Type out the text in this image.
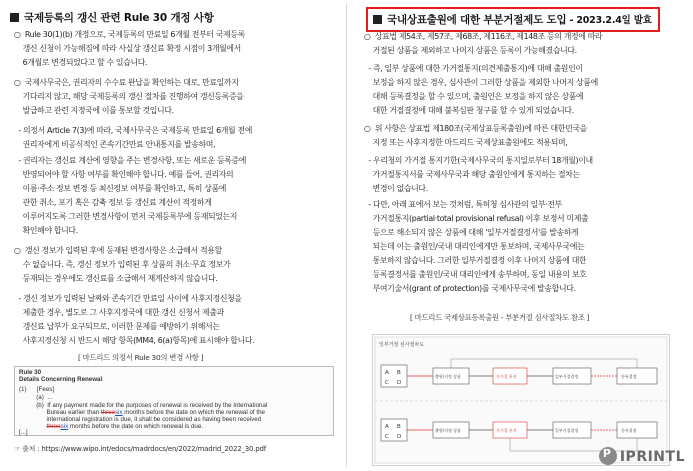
국제등록의 갱신 관련 Rule 30 개정 사항
○  Rule 30(1)(b) 개정으로, 국제등록의 만료일 6개월 전부터 국제등록
갱신 신청이 가능해짐에 따라 사실상 갱신료 확정 시점이 3개월에서
6개월로 변경되었다고 할 수 있습니다.
○  국제사무국은, 권리자의 수수료 완납을 확인하는 대로, 만료일까지
기다리지 않고, 해당 국제등록의 갱신 절차를 진행하여 갱신등록증을
발급하고 관련 지정국에 이를 통보할 것입니다.
- 의정서 Article 7(3)에 따라, 국제사무국은 국제등록 만료일 6개월 전에
권리자에게 비공식적인 존속기간만료 안내통지를 발송하며,
- 권리자는 갱신료 계산에 영향을 주는 변경사항, 또는 새로운 등록증에
반영되어야 할 사항 여부를 확인해야 합니다. 예를 들어, 권리자의
이름·주소 정보 변경 등 최신정보 여부를 확인하고, 특히 상품에
관한 취소, 포기 혹은 감축 정보 등 갱신료 계산이 적정하게
이루어지도록 그러한 변경사항이 먼저 국제등록부에 등재되었는지
확인해야 합니다.
○  갱신 정보가 입력된 후에 등재된 변경사항은 소급해서 적용할
수 없습니다. 즉, 갱신 정보가 입력된 후 상품의 취소·무효 정보가
등재되는 경우에도 갱신료를 소급해서 재계산하지 않습니다.
- 갱신 정보가 입력된 날짜와 존속기간 만료일 사이에 사후지정신청을
제출한 경우, 별도로 그 사후지정국에 대한 갱신 신청서 제출과
갱신료 납부가 요구되므로, 이러한 문제를 예방하기 위해서는
사후지정신청 시 반드시 해당 항목(MM4, 6(a)항목)에 표시해야 합니다.
[ 마드리드 의정서 Rule 30의 변경 사항 ]
Rule 30
Details Concerning Renewal
(1)      [Fees]
(a)  ...
(b)  If any payment made for the purposes of renewal is received by the International
Bureau earlier than threesix months before the date on which the renewal of the
international registration is due, it shall be considered as having been received
threesix months before the date on which renewal is due.
[...]
☞ 출처 : https://www.wipo.int/edocs/madrdocs/en/2022/madrid_2022_30.pdf
국내상표출원에 대한 부분거절제도 도입 - 2023.2.4일 발효
○  상표법 제54조, 제57조, 제68조, 제116조, 제148조 등의 개정에 따라
거절된 상품을 제외하고 나머지 상품은 등록이 가능해졌습니다.
- 즉, 일부 상품에 대한 가거절통지(의견제출통지)에 대해 출원인이
보정을 하지 않은 경우, 심사관이 그러한 상품을 제외한 나머지 상품에
대해 등록결정을 할 수 있으며, 출원인은 보정을 하지 않은 상품에
대한 거절결정에 대해 불복심판 청구를 할 수 있게 되었습니다.
○  위 사항은 상표법 제180조(국제상표등록출원)에 따른 대한민국을
지정 또는 사후지정한 마드리드 국제상표출원에도 적용되며,
- 우리청의 가거절 통지기한(국제사무국의 통지일로부터 18개월)이내
가거절통지서를 국제사무국과 해당 출원인에게 통지하는 절차는
변경이 없습니다.
- 다만, 아래 표에서 보는 것처럼, 특허청 심사관의 일부·전부
가거절통지(partial·total provisional refusal) 이후 보정서 미제출
등으로 해소되지 않은 상품에 대해 '일부거절결정서'를 발송하게
되는데 이는 출원인/국내 대리인에게만 통보하며, 국제사무국에는
통보하지 않습니다. 그러한 일부거절결정 이후 나머지 상품에 대한
등록결정서를 출원인/국내 대리인에게 송부하며, 동일 내용의 보호
부여기술서(grant of protection)를 국제사무국에 발송합니다.
[ 마드리드 국제상표등록출원 - 부분거절 심사절차도 참조 ]
일부거절 심사절차도
A B
C D
출원/지정 상품	가거절 통지	일부거절결정	등록결정
A B
C D
출원/지정 상품	가거절 통지	일부거절결정	등록결정
P IPRINTL
